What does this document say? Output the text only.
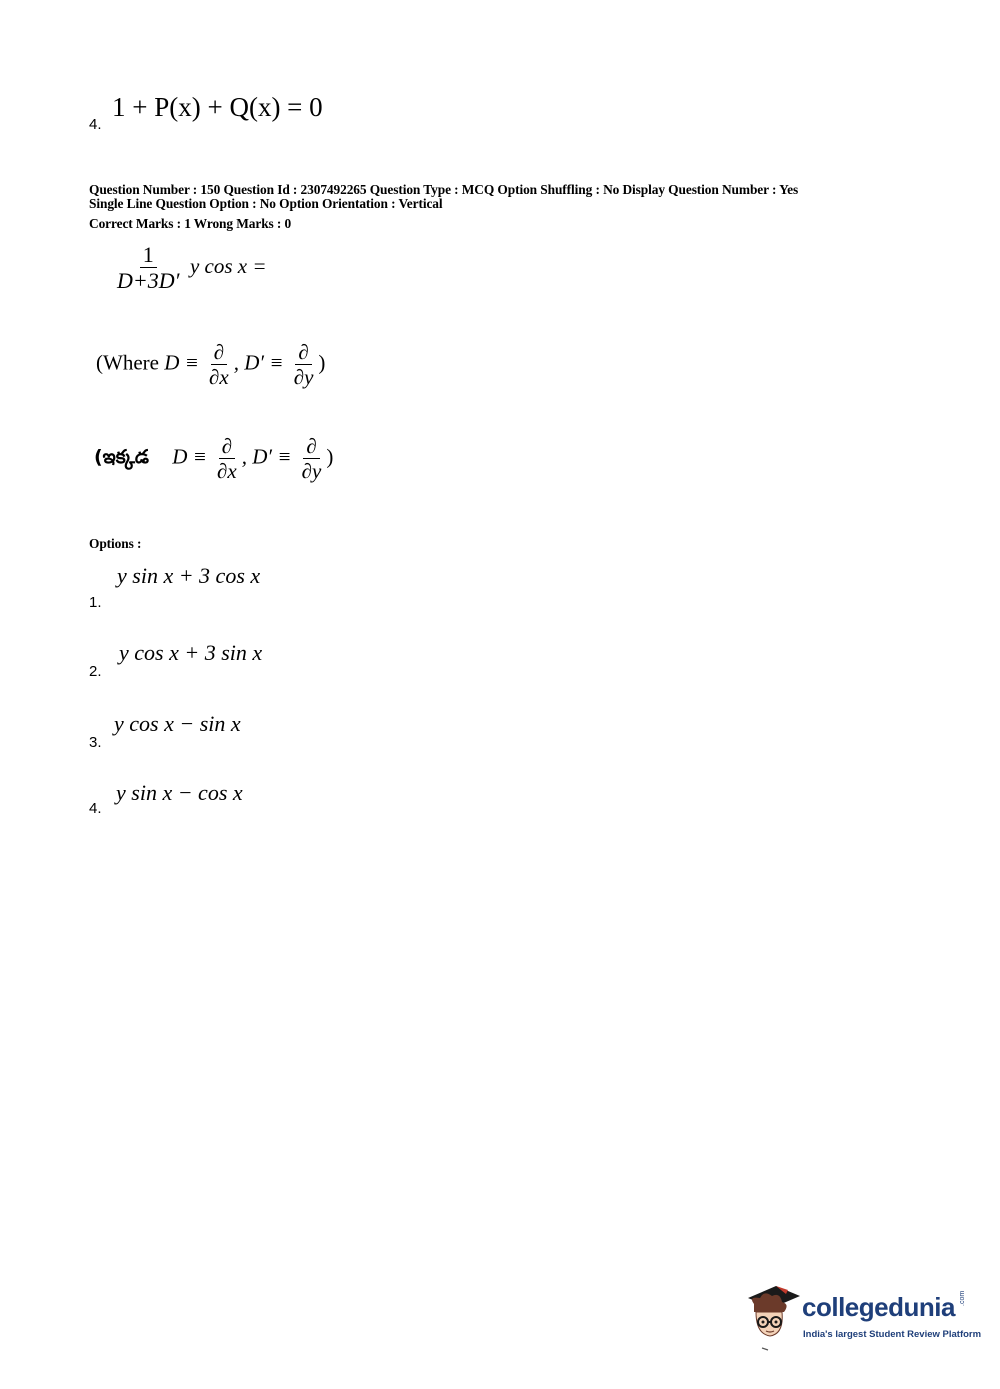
4.
1 + P(x) + Q(x) = 0
Question Number : 150 Question Id : 2307492265 Question Type : MCQ Option Shuffling : No Display Question Number : Yes
Single Line Question Option : No Option Orientation : Vertical
Correct Marks : 1 Wrong Marks : 0
$\frac{1}{D+3D'}$ y cos x =
(Where $D \equiv \frac{\partial}{\partial x}$ , $D' \equiv \frac{\partial}{\partial y}$ )
(ఇక్కడ $D \equiv \frac{\partial}{\partial x}$ , $D' \equiv \frac{\partial}{\partial y}$ )
Options :
y sin x + 3 cos x
1.
y cos x + 3 sin x
2.
y cos x − sin x
3.
y sin x − cos x
4.
collegedunia .com
India's largest Student Review Platform
